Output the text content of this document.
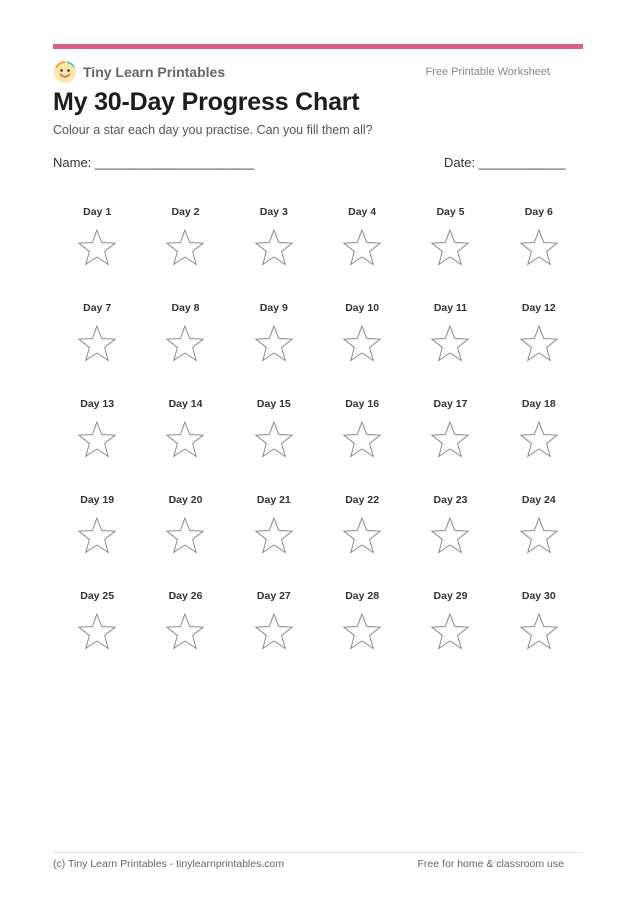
Tiny Learn Printables	Free Printable Worksheet
My 30-Day Progress Chart
Colour a star each day you practise. Can you fill them all?
Name: ______________________	Date: ____________
Day 1	Day 2	Day 3	Day 4	Day 5	Day 6
Day 7	Day 8	Day 9	Day 10	Day 11	Day 12
Day 13	Day 14	Day 15	Day 16	Day 17	Day 18
Day 19	Day 20	Day 21	Day 22	Day 23	Day 24
Day 25	Day 26	Day 27	Day 28	Day 29	Day 30
(c) Tiny Learn Printables - tinylearnprintables.com	Free for home & classroom use
